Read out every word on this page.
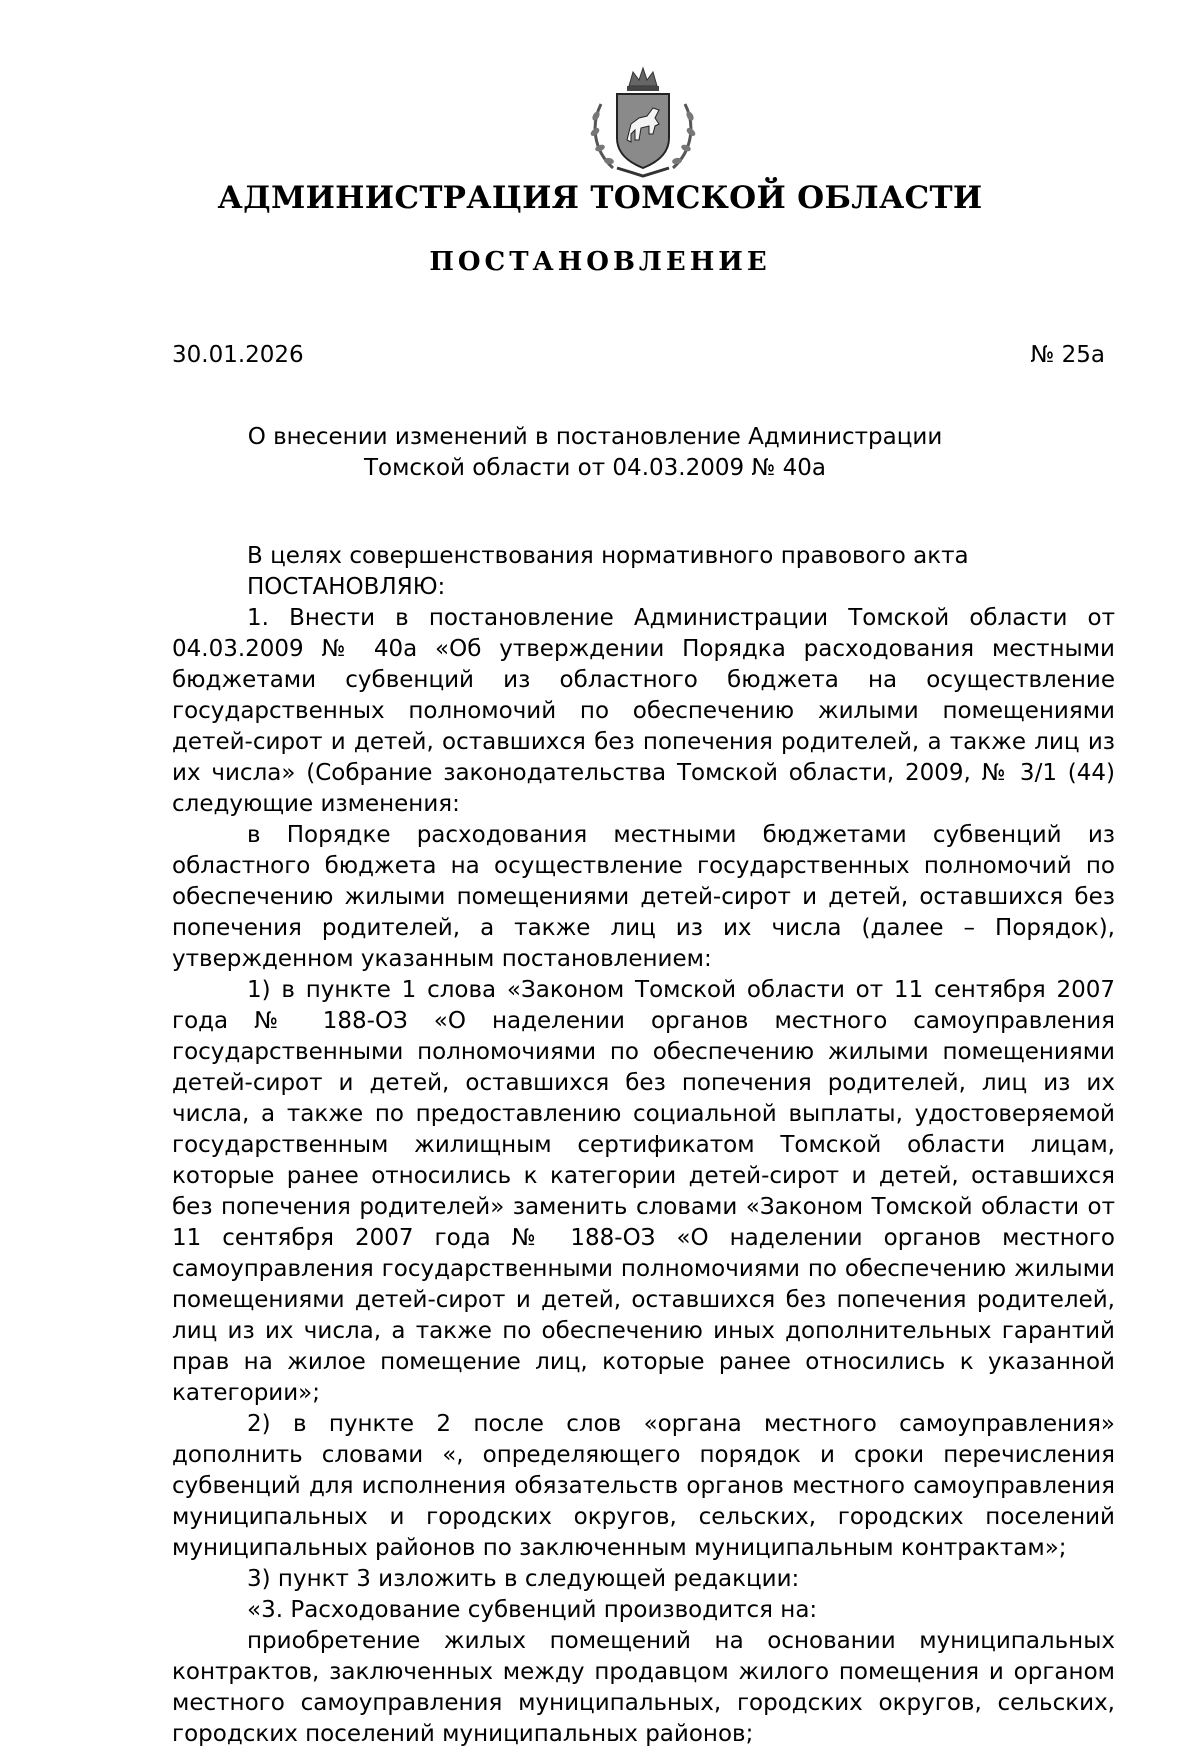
АДМИНИСТРАЦИЯ ТОМСКОЙ ОБЛАСТИ
ПОСТАНОВЛЕНИЕ
30.01.2026	№ 25а
О внесении изменений в постановление Администрации
Томской области от 04.03.2009 № 40а

В целях совершенствования нормативного правового акта

ПОСТАНОВЛЯЮ:

1. Внести в постановление Администрации Томской области от 04.03.2009 № 40а «Об утверждении Порядка расходования местными бюджетами субвенций из областного бюджета на осуществление государственных полномочий по обеспечению жилыми помещениями детей-сирот и детей, оставшихся без попечения родителей, а также лиц из их числа» (Собрание законодательства Томской области, 2009, № 3/1 (44) следующие изменения:

в Порядке расходования местными бюджетами субвенций из областного бюджета на осуществление государственных полномочий по обеспечению жилыми помещениями детей-сирот и детей, оставшихся без попечения родителей, а также лиц из их числа (далее – Порядок), утвержденном указанным постановлением:

1) в пункте 1 слова «Законом Томской области от 11 сентября 2007 года № 188-ОЗ «О наделении органов местного самоуправления государственными полномочиями по обеспечению жилыми помещениями детей-сирот и детей, оставшихся без попечения родителей, лиц из их числа, а также по предоставлению социальной выплаты, удостоверяемой государственным жилищным сертификатом Томской области лицам, которые ранее относились к категории детей-сирот и детей, оставшихся без попечения родителей» заменить словами «Законом Томской области от 11 сентября 2007 года № 188-ОЗ «О наделении органов местного самоуправления государственными полномочиями по обеспечению жилыми помещениями детей-сирот и детей, оставшихся без попечения родителей, лиц из их числа, а также по обеспечению иных дополнительных гарантий прав на жилое помещение лиц, которые ранее относились к указанной категории»;

2) в пункте 2 после слов «органа местного самоуправления» дополнить словами «, определяющего порядок и сроки перечисления субвенций для исполнения обязательств органов местного самоуправления муниципальных и городских округов, сельских, городских поселений муниципальных районов по заключенным муниципальным контрактам»;

3) пункт 3 изложить в следующей редакции:

«3. Расходование субвенций производится на:

приобретение жилых помещений на основании муниципальных контрактов, заключенных между продавцом жилого помещения и органом местного самоуправления муниципальных, городских округов, сельских, городских поселений муниципальных районов;
